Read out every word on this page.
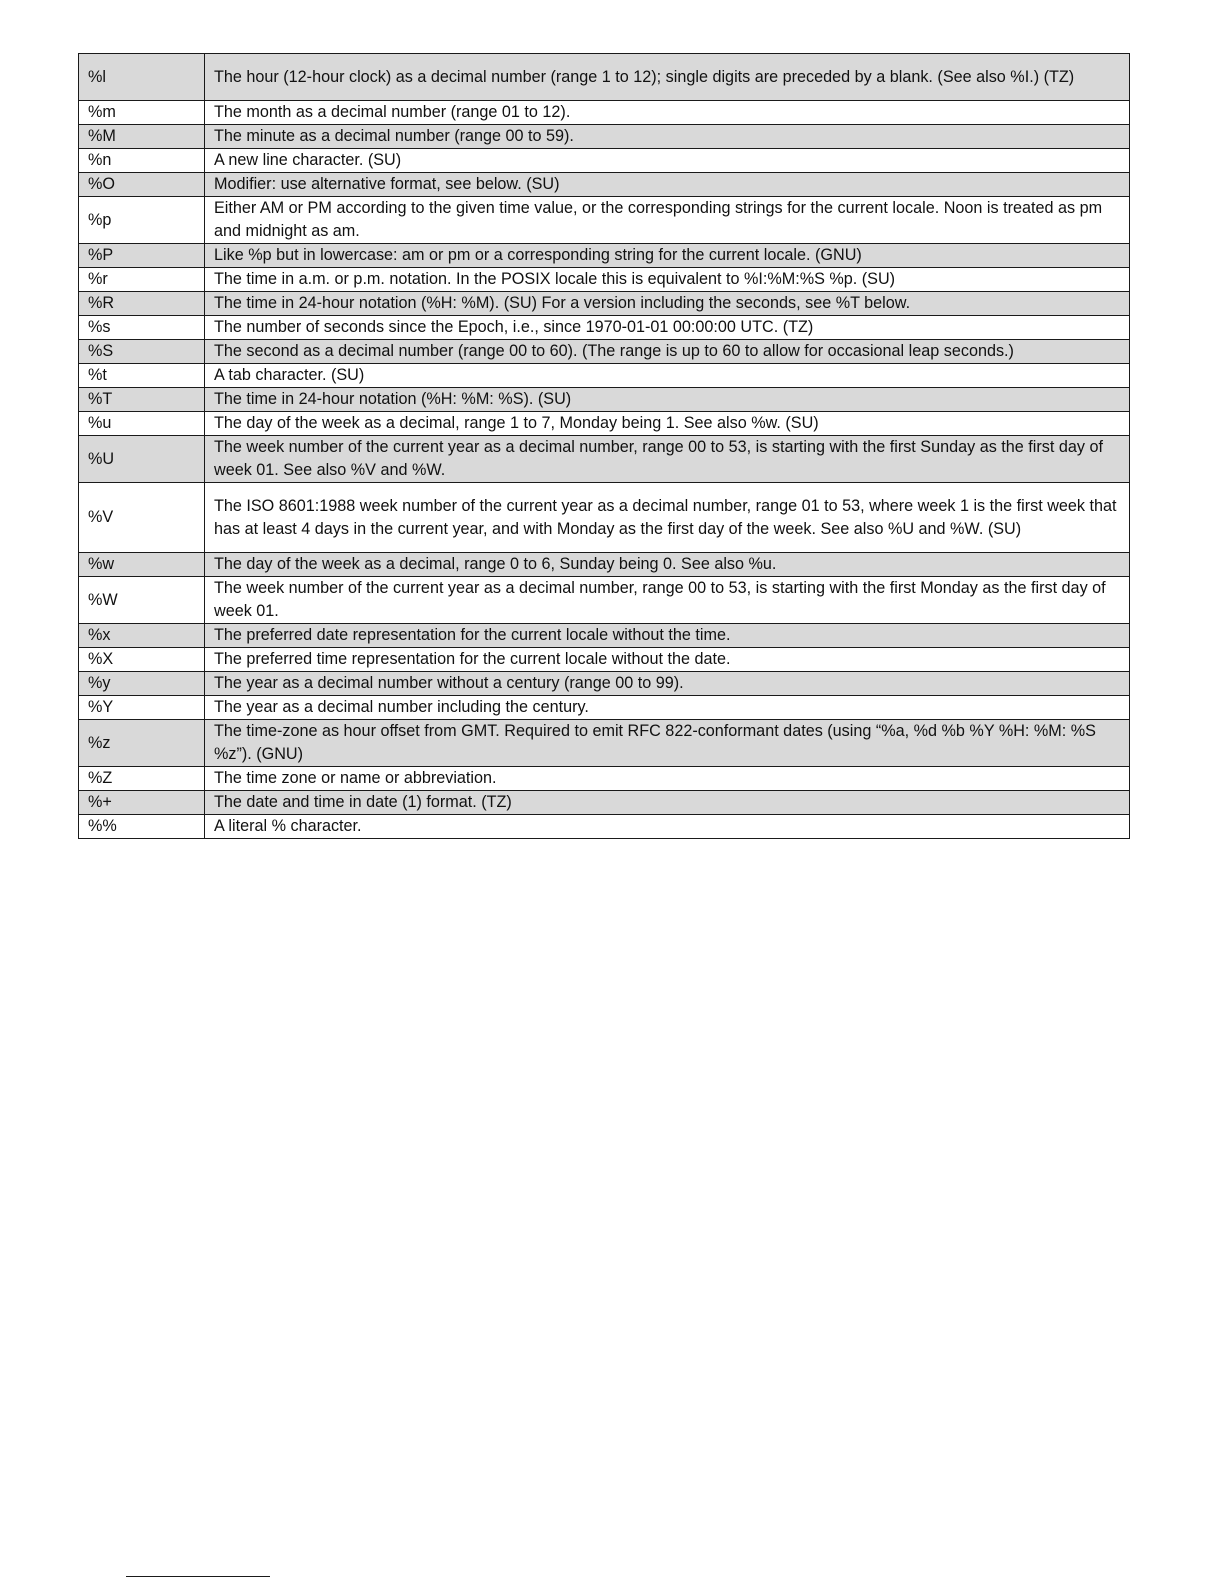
%l	The hour (12-hour clock) as a decimal number (range 1 to 12); single digits are preceded by a blank. (See also %I.) (TZ)
%m	The month as a decimal number (range 01 to 12).
%M	The minute as a decimal number (range 00 to 59).
%n	A new line character. (SU)
%O	Modifier: use alternative format, see below. (SU)
%p	Either AM or PM according to the given time value, or the corresponding strings for the current locale. Noon is treated as pm and midnight as am.
%P	Like %p but in lowercase: am or pm or a corresponding string for the current locale. (GNU)
%r	The time in a.m. or p.m. notation. In the POSIX locale this is equivalent to %I:%M:%S %p. (SU)
%R	The time in 24-hour notation (%H: %M). (SU) For a version including the seconds, see %T below.
%s	The number of seconds since the Epoch, i.e., since 1970-01-01 00:00:00 UTC. (TZ)
%S	The second as a decimal number (range 00 to 60). (The range is up to 60 to allow for occasional leap seconds.)
%t	A tab character. (SU)
%T	The time in 24-hour notation (%H: %M: %S). (SU)
%u	The day of the week as a decimal, range 1 to 7, Monday being 1. See also %w. (SU)
%U	The week number of the current year as a decimal number, range 00 to 53, is starting with the first Sunday as the first day of week 01. See also %V and %W.
%V	The ISO 8601:1988 week number of the current year as a decimal number, range 01 to 53, where week 1 is the first week that has at least 4 days in the current year, and with Monday as the first day of the week. See also %U and %W. (SU)
%w	The day of the week as a decimal, range 0 to 6, Sunday being 0. See also %u.
%W	The week number of the current year as a decimal number, range 00 to 53, is starting with the first Monday as the first day of week 01.
%x	The preferred date representation for the current locale without the time.
%X	The preferred time representation for the current locale without the date.
%y	The year as a decimal number without a century (range 00 to 99).
%Y	The year as a decimal number including the century.
%z	The time-zone as hour offset from GMT. Required to emit RFC 822-conformant dates (using “%a, %d %b %Y %H: %M: %S %z”). (GNU)
%Z	The time zone or name or abbreviation.
%+	The date and time in date (1) format. (TZ)
%%	A literal % character.
